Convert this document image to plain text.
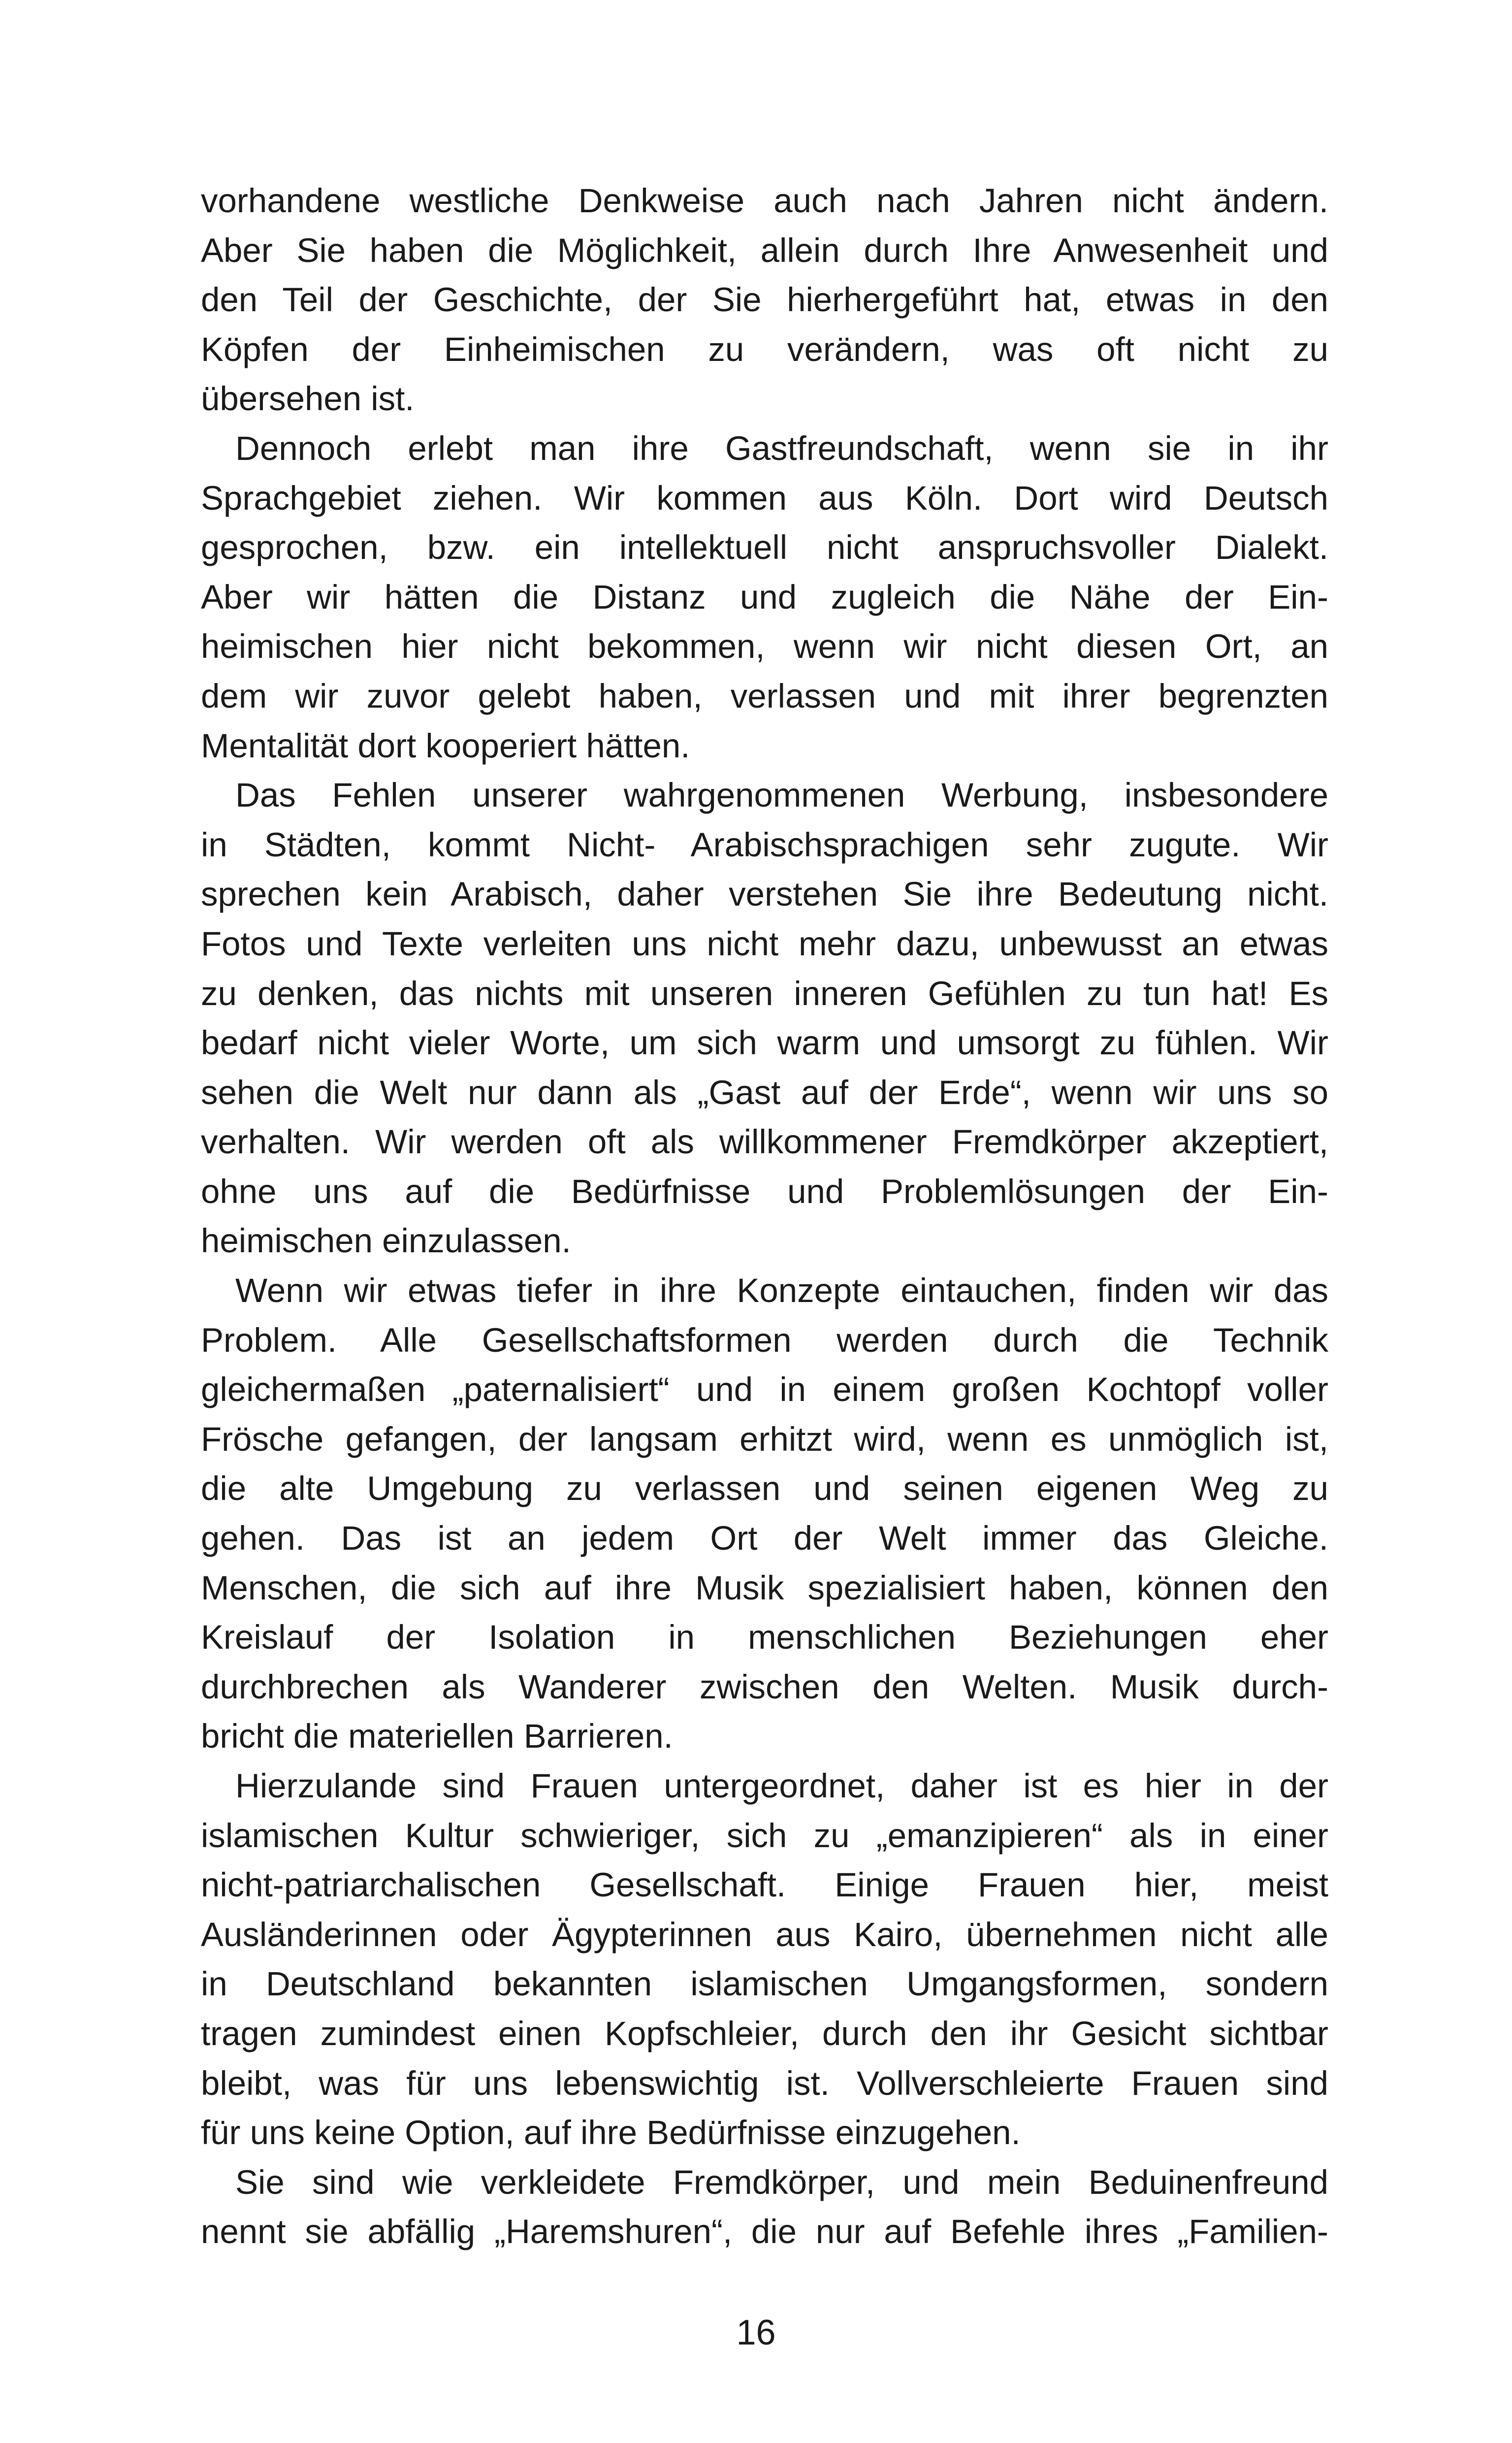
vorhandene westliche Denkweise auch nach Jahren nicht ändern.
Aber Sie haben die Möglichkeit, allein durch Ihre Anwesenheit und
den Teil der Geschichte, der Sie hierhergeführt hat, etwas in den
Köpfen der Einheimischen zu verändern, was oft nicht zu
übersehen ist.
Dennoch erlebt man ihre Gastfreundschaft, wenn sie in ihr
Sprachgebiet ziehen. Wir kommen aus Köln. Dort wird Deutsch
gesprochen, bzw. ein intellektuell nicht anspruchsvoller Dialekt.
Aber wir hätten die Distanz und zugleich die Nähe der Ein-
heimischen hier nicht bekommen, wenn wir nicht diesen Ort, an
dem wir zuvor gelebt haben, verlassen und mit ihrer begrenzten
Mentalität dort kooperiert hätten.
Das Fehlen unserer wahrgenommenen Werbung, insbesondere
in Städten, kommt Nicht- Arabischsprachigen sehr zugute. Wir
sprechen kein Arabisch, daher verstehen Sie ihre Bedeutung nicht.
Fotos und Texte verleiten uns nicht mehr dazu, unbewusst an etwas
zu denken, das nichts mit unseren inneren Gefühlen zu tun hat! Es
bedarf nicht vieler Worte, um sich warm und umsorgt zu fühlen. Wir
sehen die Welt nur dann als „Gast auf der Erde“, wenn wir uns so
verhalten. Wir werden oft als willkommener Fremdkörper akzeptiert,
ohne uns auf die Bedürfnisse und Problemlösungen der Ein-
heimischen einzulassen.
Wenn wir etwas tiefer in ihre Konzepte eintauchen, finden wir das
Problem. Alle Gesellschaftsformen werden durch die Technik
gleichermaßen „paternalisiert“ und in einem großen Kochtopf voller
Frösche gefangen, der langsam erhitzt wird, wenn es unmöglich ist,
die alte Umgebung zu verlassen und seinen eigenen Weg zu
gehen. Das ist an jedem Ort der Welt immer das Gleiche.
Menschen, die sich auf ihre Musik spezialisiert haben, können den
Kreislauf der Isolation in menschlichen Beziehungen eher
durchbrechen als Wanderer zwischen den Welten. Musik durch-
bricht die materiellen Barrieren.
Hierzulande sind Frauen untergeordnet, daher ist es hier in der
islamischen Kultur schwieriger, sich zu „emanzipieren“ als in einer
nicht-patriarchalischen Gesellschaft. Einige Frauen hier, meist
Ausländerinnen oder Ägypterinnen aus Kairo, übernehmen nicht alle
in Deutschland bekannten islamischen Umgangsformen, sondern
tragen zumindest einen Kopfschleier, durch den ihr Gesicht sichtbar
bleibt, was für uns lebenswichtig ist. Vollverschleierte Frauen sind
für uns keine Option, auf ihre Bedürfnisse einzugehen.
Sie sind wie verkleidete Fremdkörper, und mein Beduinenfreund
nennt sie abfällig „Haremshuren“, die nur auf Befehle ihres „Familien-
16
